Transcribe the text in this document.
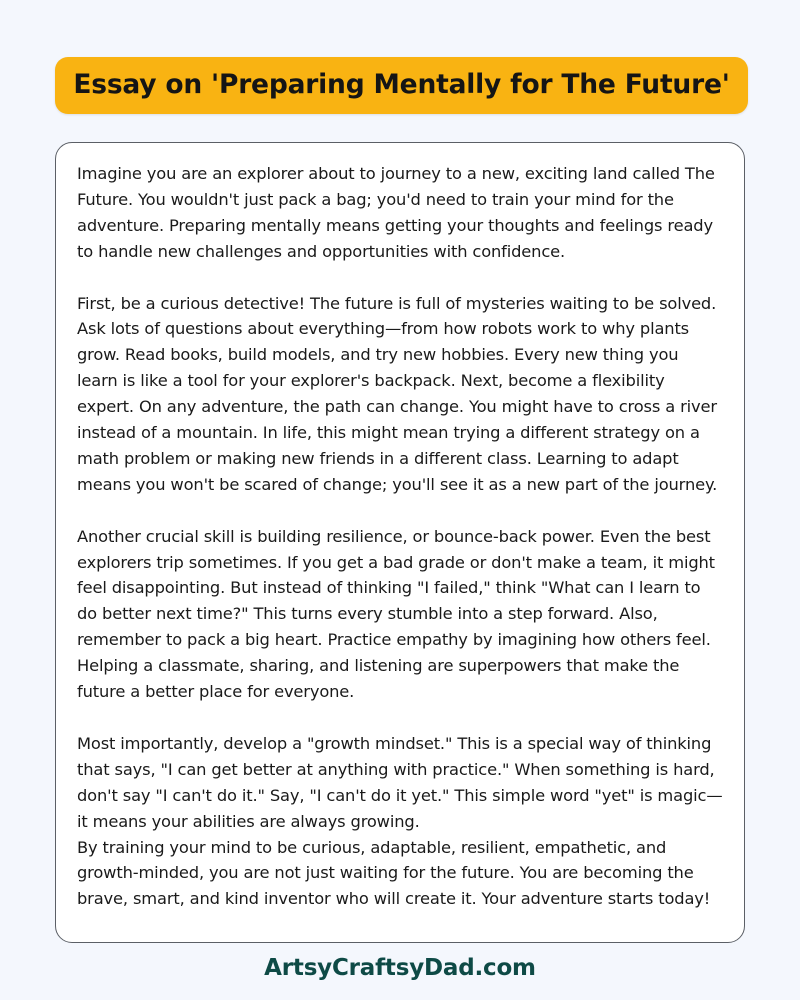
Essay on 'Preparing Mentally for The Future'

Imagine you are an explorer about to journey to a new, exciting land called The Future. You wouldn't just pack a bag; you'd need to train your mind for the adventure. Preparing mentally means getting your thoughts and feelings ready to handle new challenges and opportunities with confidence.

First, be a curious detective! The future is full of mysteries waiting to be solved. Ask lots of questions about everything—from how robots work to why plants grow. Read books, build models, and try new hobbies. Every new thing you learn is like a tool for your explorer's backpack. Next, become a flexibility expert. On any adventure, the path can change. You might have to cross a river instead of a mountain. In life, this might mean trying a different strategy on a math problem or making new friends in a different class. Learning to adapt means you won't be scared of change; you'll see it as a new part of the journey.

Another crucial skill is building resilience, or bounce-back power. Even the best explorers trip sometimes. If you get a bad grade or don't make a team, it might feel disappointing. But instead of thinking "I failed," think "What can I learn to do better next time?" This turns every stumble into a step forward. Also, remember to pack a big heart. Practice empathy by imagining how others feel. Helping a classmate, sharing, and listening are superpowers that make the future a better place for everyone.

Most importantly, develop a "growth mindset." This is a special way of thinking that says, "I can get better at anything with practice." When something is hard, don't say "I can't do it." Say, "I can't do it yet." This simple word "yet" is magic—it means your abilities are always growing.

By training your mind to be curious, adaptable, resilient, empathetic, and growth-minded, you are not just waiting for the future. You are becoming the brave, smart, and kind inventor who will create it. Your adventure starts today!

ArtsyCraftsyDad.com
